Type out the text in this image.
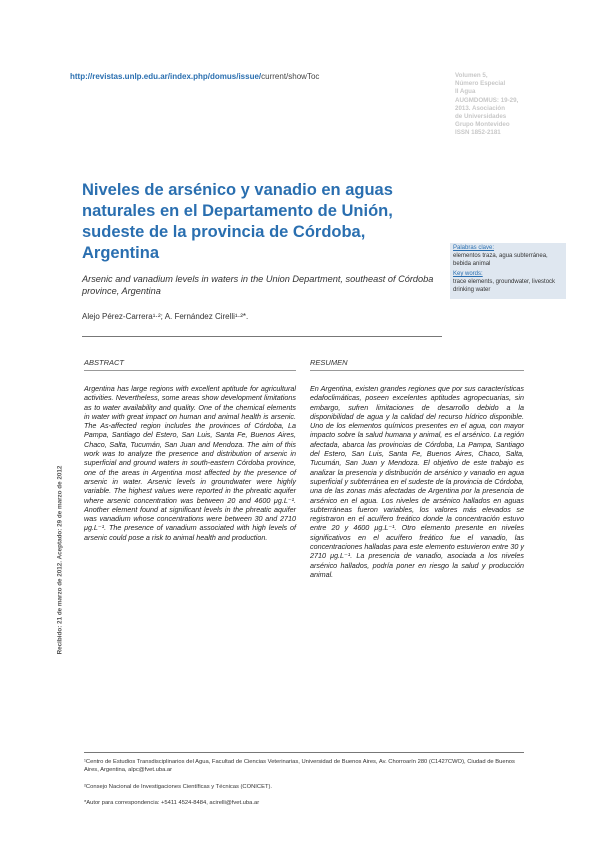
http://revistas.unlp.edu.ar/index.php/domus/issue/current/showToc	Volumen 5,
Número Especial
II Agua
AUGMDOMUS: 19-29,
2013. Asociación
de Universidades
Grupo Montevideo
ISSN 1852-2181
Niveles de arsénico y vanadio en aguas naturales en el Departamento de Unión, sudeste de la provincia de Córdoba, Argentina
Arsenic and vanadium levels in waters in the Union Department, southeast of Córdoba province, Argentina
Alejo Pérez-Carrera¹·²; A. Fernández Cirelli¹·²*.
Palabras clave:
elementos traza, agua subterránea, bebida animal
Key words:
trace elements, groundwater, livestock drinking water
ABSTRACT	RESUMEN
Recibido: 21 de marzo de 2012. Aceptado: 29 de marzo de 2012

Argentina has large regions with excellent aptitude for agricultural activities. Nevertheless, some areas show development limitations as to water availability and quality. One of the chemical elements in water with great impact on human and animal health is arsenic. The As-affected region includes the provinces of Córdoba, La Pampa, Santiago del Estero, San Luis, Santa Fe, Buenos Aires, Chaco, Salta, Tucumán, San Juan and Mendoza. The aim of this work was to analyze the presence and distribution of arsenic in superficial and ground waters in south-eastern Córdoba province, one of the areas in Argentina most affected by the presence of arsenic in water. Arsenic levels in groundwater were highly variable. The highest values were reported in the phreatic aquifer where arsenic concentration was between 20 and 4600 μg.L⁻¹. Another element found at significant levels in the phreatic aquifer was vanadium whose concentrations were between 30 and 2710 μg.L⁻¹. The presence of vanadium associated with high levels of arsenic could pose a risk to animal health and production.

En Argentina, existen grandes regiones que por sus características edafoclimáticas, poseen excelentes aptitudes agropecuarias, sin embargo, sufren limitaciones de desarrollo debido a la disponibilidad de agua y la calidad del recurso hídrico disponible. Uno de los elementos químicos presentes en el agua, con mayor impacto sobre la salud humana y animal, es el arsénico. La región afectada, abarca las provincias de Córdoba, La Pampa, Santiago del Estero, San Luis, Santa Fe, Buenos Aires, Chaco, Salta, Tucumán, San Juan y Mendoza. El objetivo de este trabajo es analizar la presencia y distribución de arsénico y vanadio en agua superficial y subterránea en el sudeste de la provincia de Córdoba, una de las zonas más afectadas de Argentina por la presencia de arsénico en el agua. Los niveles de arsénico hallados en aguas subterráneas fueron variables, los valores más elevados se registraron en el acuífero freático donde la concentración estuvo entre 20 y 4600 μg.L⁻¹. Otro elemento presente en niveles significativos en el acuífero freático fue el vanadio, las concentraciones halladas para este elemento estuvieron entre 30 y 2710 μg.L⁻¹. La presencia de vanadio, asociada a los niveles arsénico hallados, podría poner en riesgo la salud y producción animal.

¹Centro de Estudios Transdisciplinarios del Agua, Facultad de Ciencias Veterinarias, Universidad de Buenos Aires, Av. Chorroarín 280 (C1427CWO), Ciudad de Buenos Aires, Argentina, alpc@fvet.uba.ar

²Consejo Nacional de Investigaciones Científicas y Técnicas (CONICET).

*Autor para correspondencia: +5411 4524-8484, acirelli@fvet.uba.ar
